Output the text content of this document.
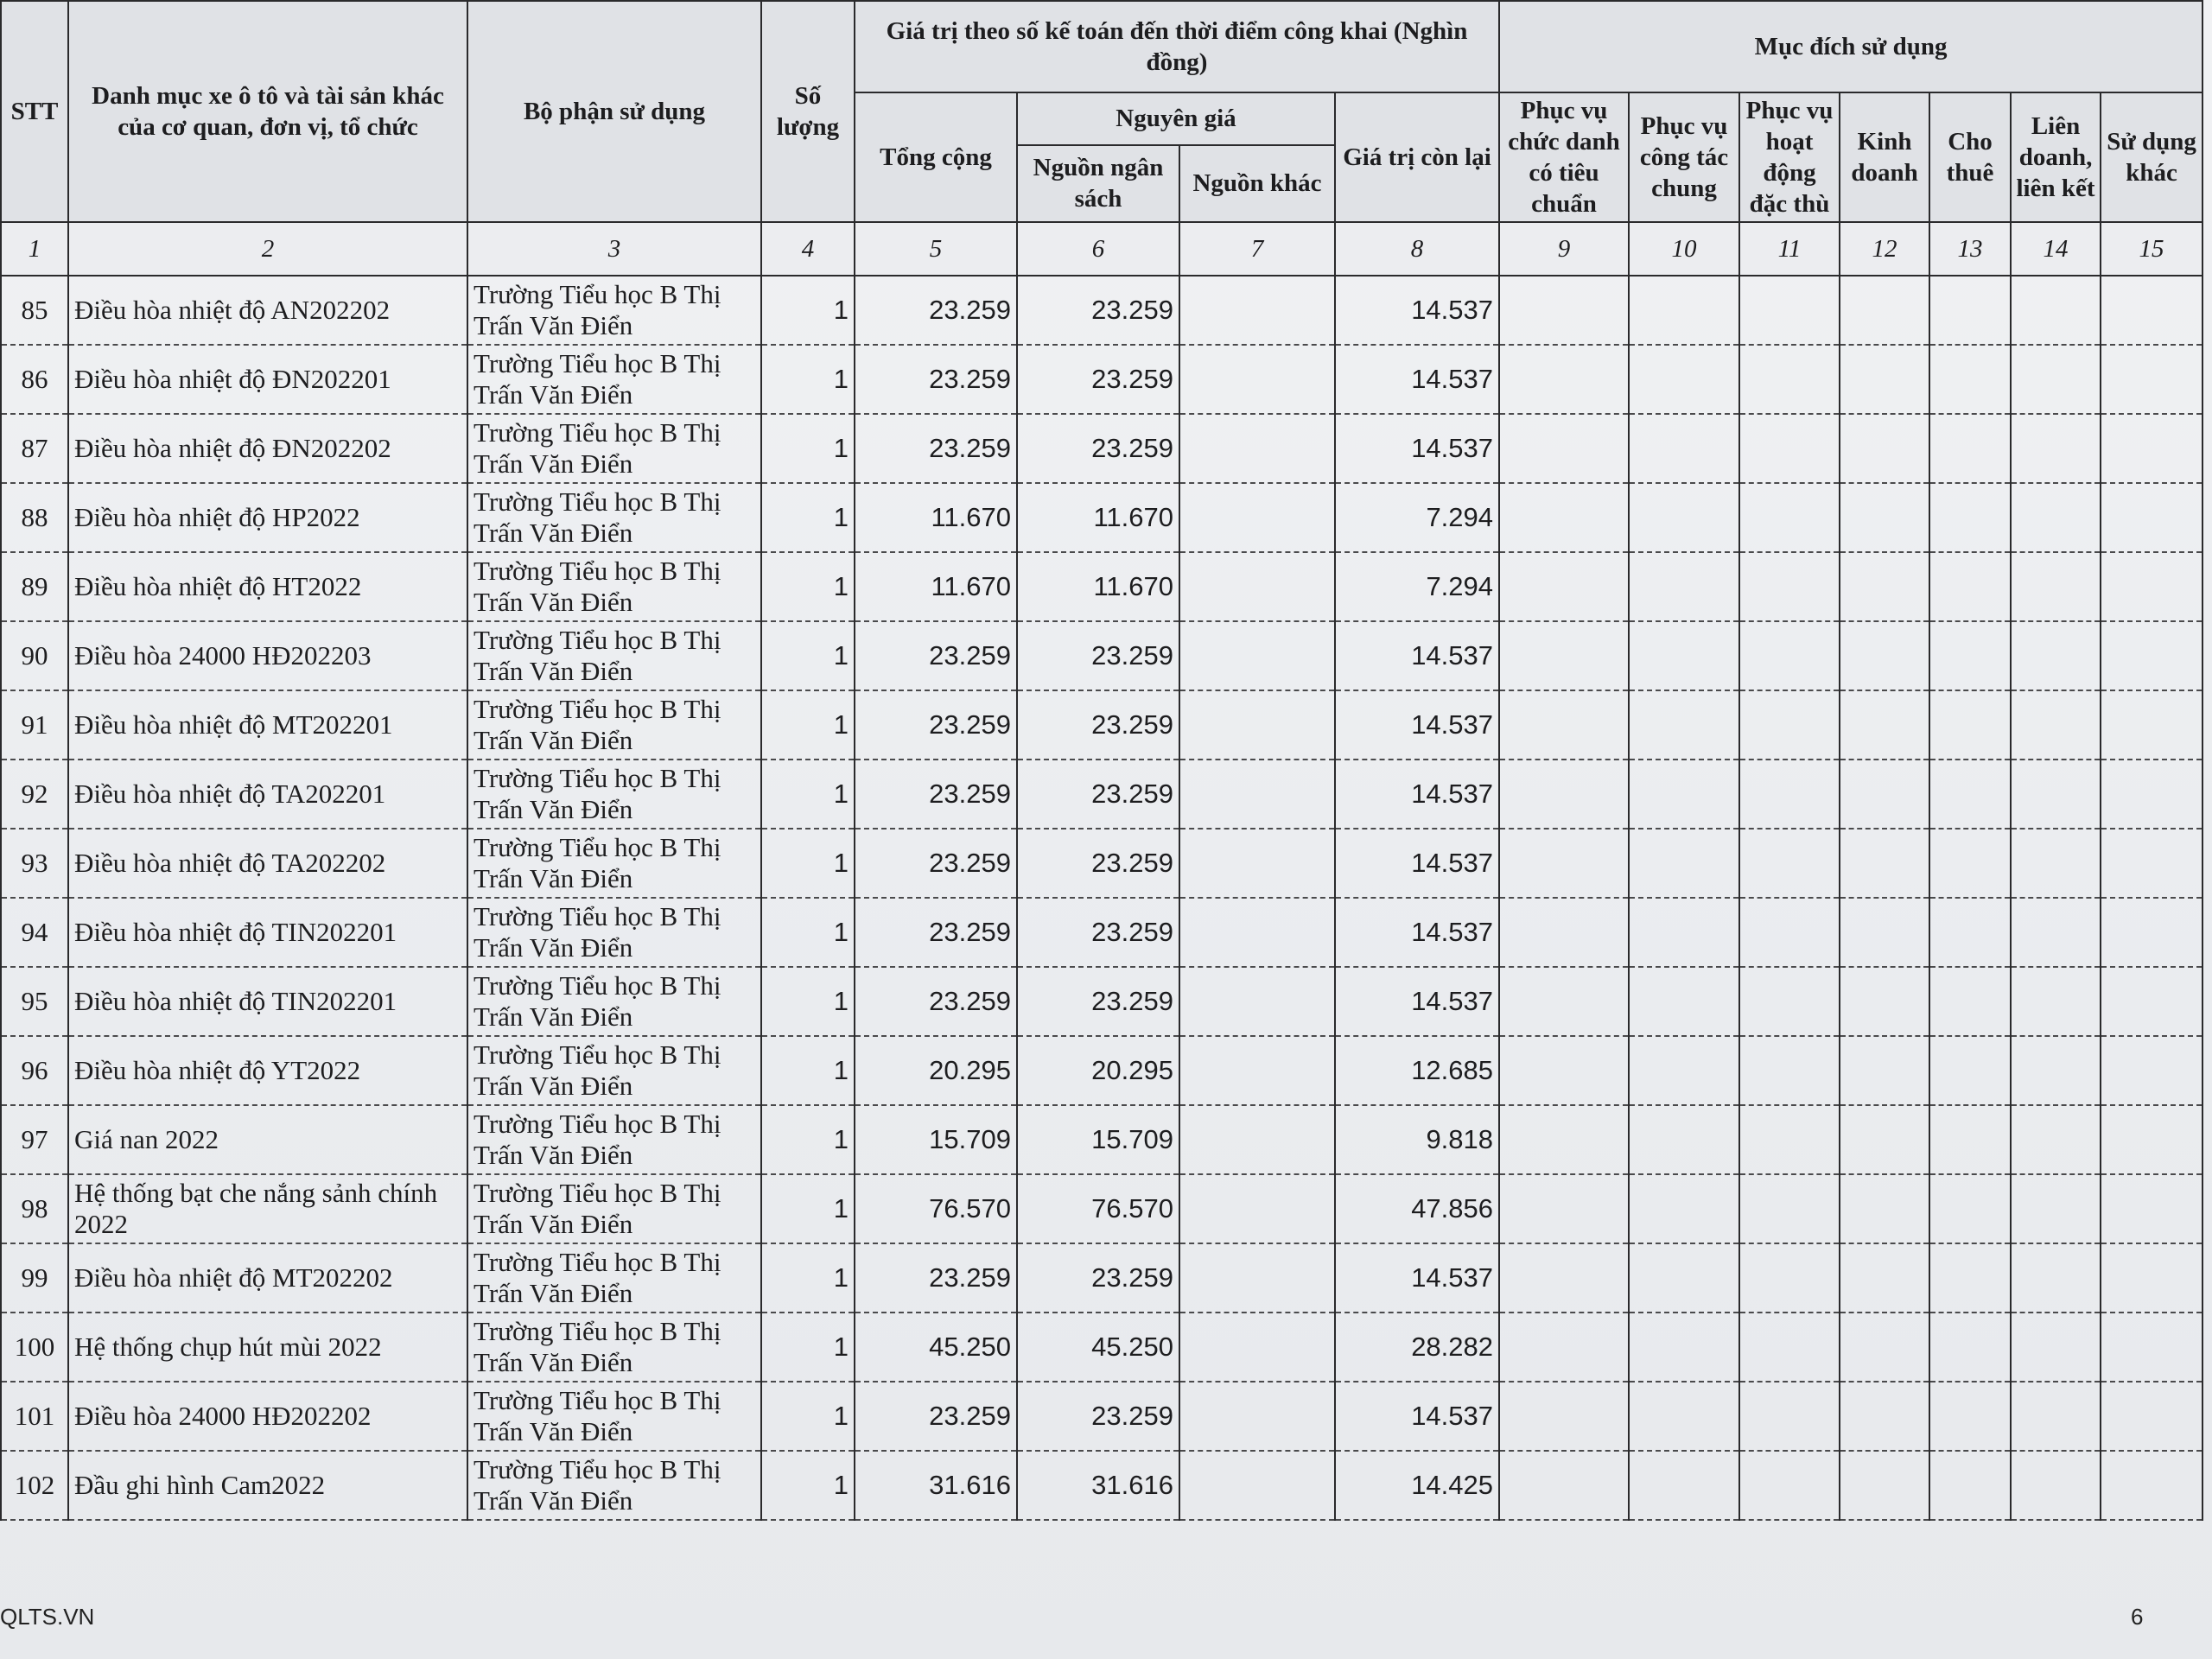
STT	Danh mục xe ô tô và tài sản khác của cơ quan, đơn vị, tổ chức	Bộ phận sử dụng	Số lượng	Giá trị theo số kế toán đến thời điểm công khai (Nghìn đồng)				Mục đích sử dụng						
				Tổng cộng	Nguyên giá		Giá trị còn lại	Phục vụ chức danh có tiêu chuẩn	Phục vụ công tác chung	Phục vụ hoạt động đặc thù	Kinh doanh	Cho thuê	Liên doanh, liên kết	Sử dụng khác
					Nguồn ngân sách	Nguồn khác								
1	2	3	4	5	6	7	8	9	10	11	12	13	14	15
85	Điều hòa nhiệt độ AN202202	Trường Tiểu học B Thị Trấn Văn Điển	1	23.259	23.259		14.537							
86	Điều hòa nhiệt độ ĐN202201	Trường Tiểu học B Thị Trấn Văn Điển	1	23.259	23.259		14.537							
87	Điều hòa nhiệt độ ĐN202202	Trường Tiểu học B Thị Trấn Văn Điển	1	23.259	23.259		14.537							
88	Điều hòa nhiệt độ HP2022	Trường Tiểu học B Thị Trấn Văn Điển	1	11.670	11.670		7.294							
89	Điều hòa nhiệt độ HT2022	Trường Tiểu học B Thị Trấn Văn Điển	1	11.670	11.670		7.294							
90	Điều hòa 24000 HĐ202203	Trường Tiểu học B Thị Trấn Văn Điển	1	23.259	23.259		14.537							
91	Điều hòa nhiệt độ MT202201	Trường Tiểu học B Thị Trấn Văn Điển	1	23.259	23.259		14.537							
92	Điều hòa nhiệt độ TA202201	Trường Tiểu học B Thị Trấn Văn Điển	1	23.259	23.259		14.537							
93	Điều hòa nhiệt độ TA202202	Trường Tiểu học B Thị Trấn Văn Điển	1	23.259	23.259		14.537							
94	Điều hòa nhiệt độ TIN202201	Trường Tiểu học B Thị Trấn Văn Điển	1	23.259	23.259		14.537							
95	Điều hòa nhiệt độ TIN202201	Trường Tiểu học B Thị Trấn Văn Điển	1	23.259	23.259		14.537							
96	Điều hòa nhiệt độ YT2022	Trường Tiểu học B Thị Trấn Văn Điển	1	20.295	20.295		12.685							
97	Giá nan 2022	Trường Tiểu học B Thị Trấn Văn Điển	1	15.709	15.709		9.818							
98	Hệ thống bạt che nắng sảnh chính 2022	Trường Tiểu học B Thị Trấn Văn Điển	1	76.570	76.570		47.856							
99	Điều hòa nhiệt độ MT202202	Trường Tiểu học B Thị Trấn Văn Điển	1	23.259	23.259		14.537							
100	Hệ thống chụp hút mùi 2022	Trường Tiểu học B Thị Trấn Văn Điển	1	45.250	45.250		28.282							
101	Điều hòa 24000 HĐ202202	Trường Tiểu học B Thị Trấn Văn Điển	1	23.259	23.259		14.537							
102	Đầu ghi hình Cam2022	Trường Tiểu học B Thị Trấn Văn Điển	1	31.616	31.616		14.425							
QLTS.VN	6
